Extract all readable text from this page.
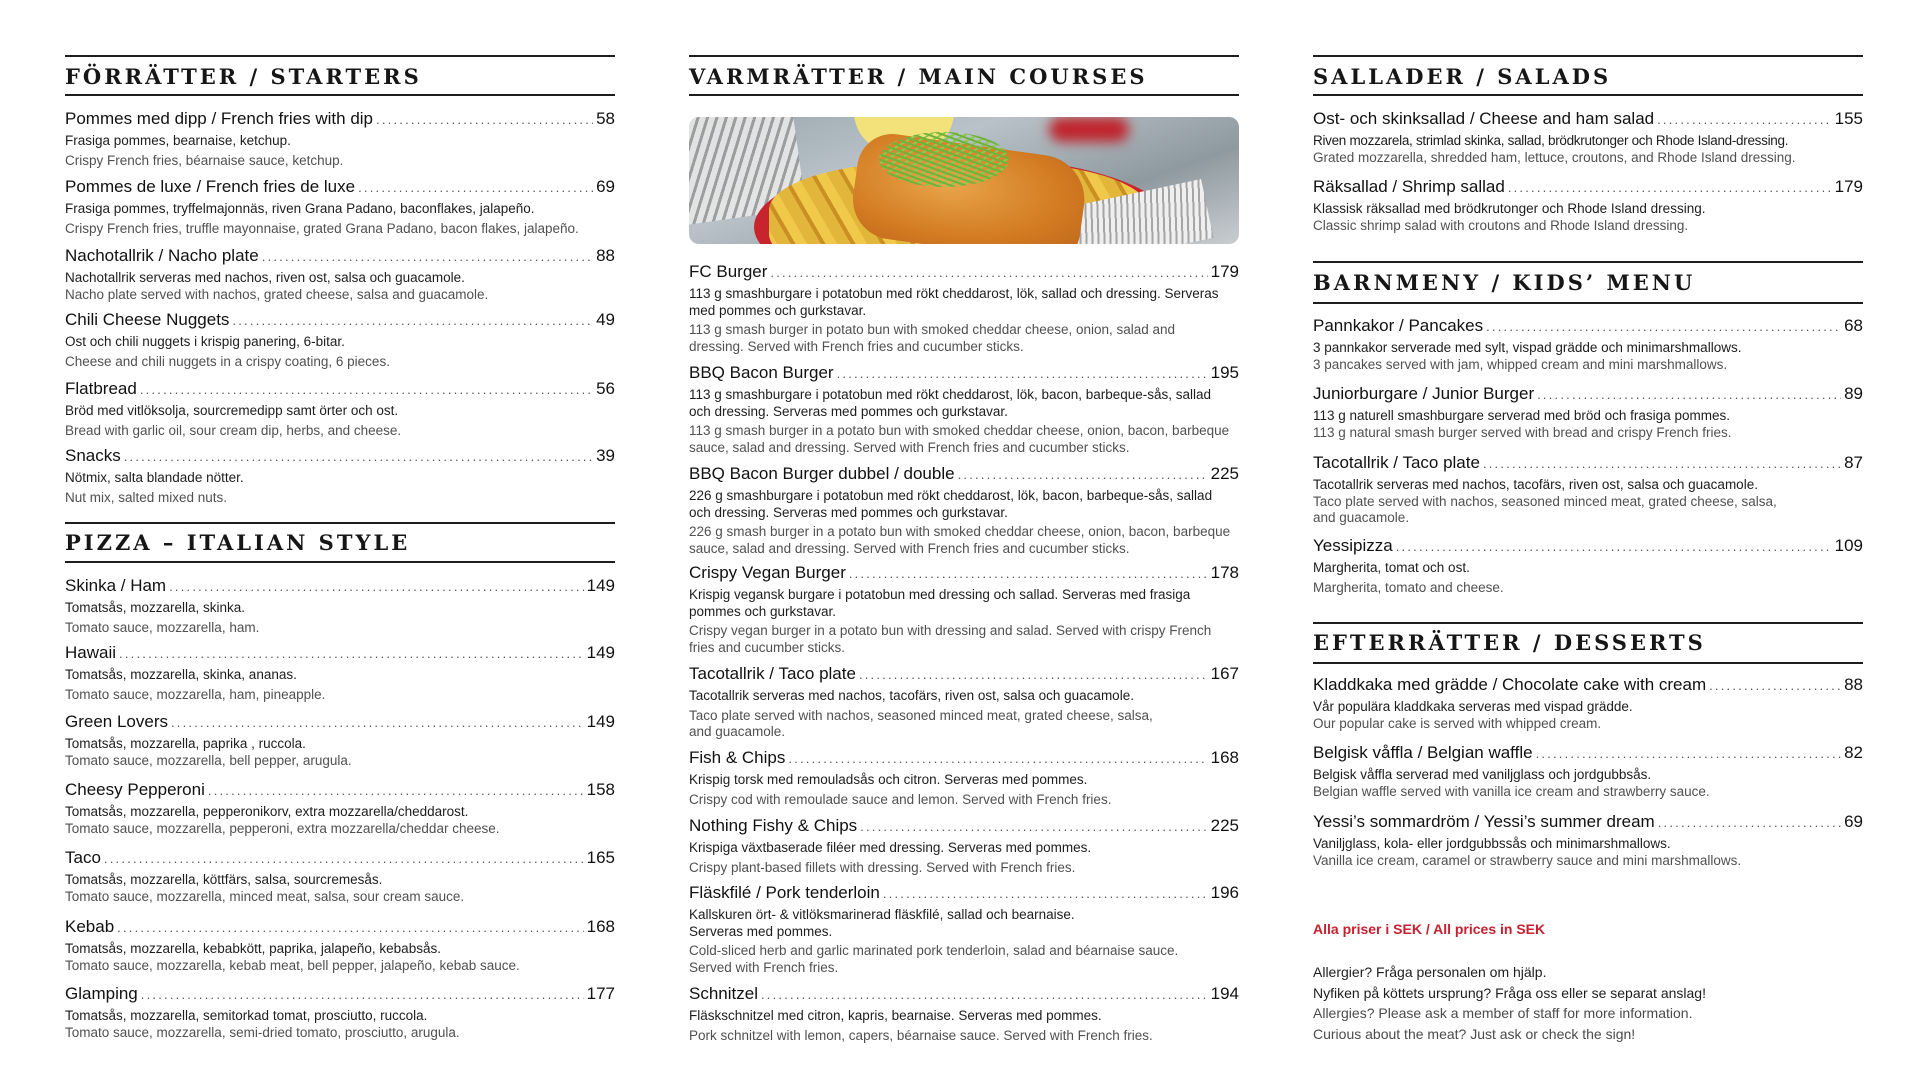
FÖRRÄTTER / STARTERS
Pommes med dipp / French fries with dip .....	58
Frasiga pommes, bearnaise, ketchup.
Crispy French fries, béarnaise sauce, ketchup.
Pommes de luxe / French fries de luxe .....	69
Frasiga pommes, tryffelmajonnäs, riven Grana Padano, baconflakes, jalapeño.
Crispy French fries, truffle mayonnaise, grated Grana Padano, bacon flakes, jalapeño.
Nachotallrik / Nacho plate .....	88
Nachotallrik serveras med nachos, riven ost, salsa och guacamole.
Nacho plate served with nachos, grated cheese, salsa and guacamole.
Chili Cheese Nuggets .....	49
Ost och chili nuggets i krispig panering, 6-bitar.
Cheese and chili nuggets in a crispy coating, 6 pieces.
Flatbread .....	56
Bröd med vitlöksolja, sourcremedipp samt örter och ost.
Bread with garlic oil, sour cream dip, herbs, and cheese.
Snacks .....	39
Nötmix, salta blandade nötter.
Nut mix, salted mixed nuts.
PIZZA – ITALIAN STYLE
Skinka / Ham .....	149
Tomatsås, mozzarella, skinka.
Tomato sauce, mozzarella, ham.
Hawaii .....	149
Tomatsås, mozzarella, skinka, ananas.
Tomato sauce, mozzarella, ham, pineapple.
Green Lovers .....	149
Tomatsås, mozzarella, paprika , ruccola.
Tomato sauce, mozzarella, bell pepper, arugula.
Cheesy Pepperoni .....	158
Tomatsås, mozzarella, pepperonikorv, extra mozzarella/cheddarost.
Tomato sauce, mozzarella, pepperoni, extra mozzarella/cheddar cheese.
Taco .....	165
Tomatsås, mozzarella, köttfärs, salsa, sourcremesås.
Tomato sauce, mozzarella, minced meat, salsa, sour cream sauce.
Kebab .....	168
Tomatsås, mozzarella, kebabkött, paprika, jalapeño, kebabsås.
Tomato sauce, mozzarella, kebab meat, bell pepper, jalapeño, kebab sauce.
Glamping .....	177
Tomatsås, mozzarella, semitorkad tomat, prosciutto, ruccola.
Tomato sauce, mozzarella, semi-dried tomato, prosciutto, arugula.
VARMRÄTTER / MAIN COURSES
FC Burger .....	179
113 g smashburgare i potatobun med rökt cheddarost, lök, sallad och dressing. Serveras med pommes och gurkstavar.
113 g smash burger in potato bun with smoked cheddar cheese, onion, salad and dressing. Served with French fries and cucumber sticks.
BBQ Bacon Burger .....	195
113 g smashburgare i potatobun med rökt cheddarost, lök, bacon, barbeque-sås, sallad och dressing. Serveras med pommes och gurkstavar.
113 g smash burger in a potato bun with smoked cheddar cheese, onion, bacon, barbeque sauce, salad and dressing. Served with French fries and cucumber sticks.
BBQ Bacon Burger dubbel / double .....	225
226 g smashburgare i potatobun med rökt cheddarost, lök, bacon, barbeque-sås, sallad och dressing. Serveras med pommes och gurkstavar.
226 g smash burger in a potato bun with smoked cheddar cheese, onion, bacon, barbeque sauce, salad and dressing. Served with French fries and cucumber sticks.
Crispy Vegan Burger .....	178
Krispig vegansk burgare i potatobun med dressing och sallad. Serveras med frasiga pommes och gurkstavar.
Crispy vegan burger in a potato bun with dressing and salad. Served with crispy French fries and cucumber sticks.
Tacotallrik / Taco plate .....	167
Tacotallrik serveras med nachos, tacofärs, riven ost, salsa och guacamole.
Taco plate served with nachos, seasoned minced meat, grated cheese, salsa, and guacamole.
Fish & Chips .....	168
Krispig torsk med remouladsås och citron. Serveras med pommes.
Crispy cod with remoulade sauce and lemon. Served with French fries.
Nothing Fishy & Chips .....	225
Krispiga växtbaserade filéer med dressing. Serveras med pommes.
Crispy plant-based fillets with dressing. Served with French fries.
Fläskfilé / Pork tenderloin .....	196
Kallskuren ört- & vitlöksmarinerad fläskfilé, sallad och bearnaise. Serveras med pommes.
Cold-sliced herb and garlic marinated pork tenderloin, salad and béarnaise sauce. Served with French fries.
Schnitzel .....	194
Fläskschnitzel med citron, kapris, bearnaise. Serveras med pommes.
Pork schnitzel with lemon, capers, béarnaise sauce. Served with French fries.
SALLADER / SALADS
Ost- och skinksallad / Cheese and ham salad .....	155
Riven mozzarela, strimlad skinka, sallad, brödkrutonger och Rhode Island-dressing.
Grated mozzarella, shredded ham, lettuce, croutons, and Rhode Island dressing.
Räksallad / Shrimp sallad .....	179
Klassisk räksallad med brödkrutonger och Rhode Island dressing.
Classic shrimp salad with croutons and Rhode Island dressing.
BARNMENY / KIDS’ MENU
Pannkakor / Pancakes .....	68
3 pannkakor serverade med sylt, vispad grädde och minimarshmallows.
3 pancakes served with jam, whipped cream and mini marshmallows.
Juniorburgare / Junior Burger .....	89
113 g naturell smashburgare serverad med bröd och frasiga pommes.
113 g natural smash burger served with bread and crispy French fries.
Tacotallrik / Taco plate .....	87
Tacotallrik serveras med nachos, tacofärs, riven ost, salsa och guacamole.
Taco plate served with nachos, seasoned minced meat, grated cheese, salsa, and guacamole.
Yessipizza .....	109
Margherita, tomat och ost.
Margherita, tomato and cheese.
EFTERRÄTTER / DESSERTS
Kladdkaka med grädde / Chocolate cake with cream .....	88
Vår populära kladdkaka serveras med vispad grädde.
Our popular cake is served with whipped cream.
Belgisk våffla / Belgian waffle .....	82
Belgisk våffla serverad med vaniljglass och jordgubbsås.
Belgian waffle served with vanilla ice cream and strawberry sauce.
Yessi’s sommardröm / Yessi’s summer dream .....	69
Vaniljglass, kola- eller jordgubbssås och minimarshmallows.
Vanilla ice cream, caramel or strawberry sauce and mini marshmallows.
Alla priser i SEK / All prices in SEK
Allergier? Fråga personalen om hjälp.
Nyfiken på köttets ursprung? Fråga oss eller se separat anslag!
Allergies? Please ask a member of staff for more information.
Curious about the meat? Just ask or check the sign!
